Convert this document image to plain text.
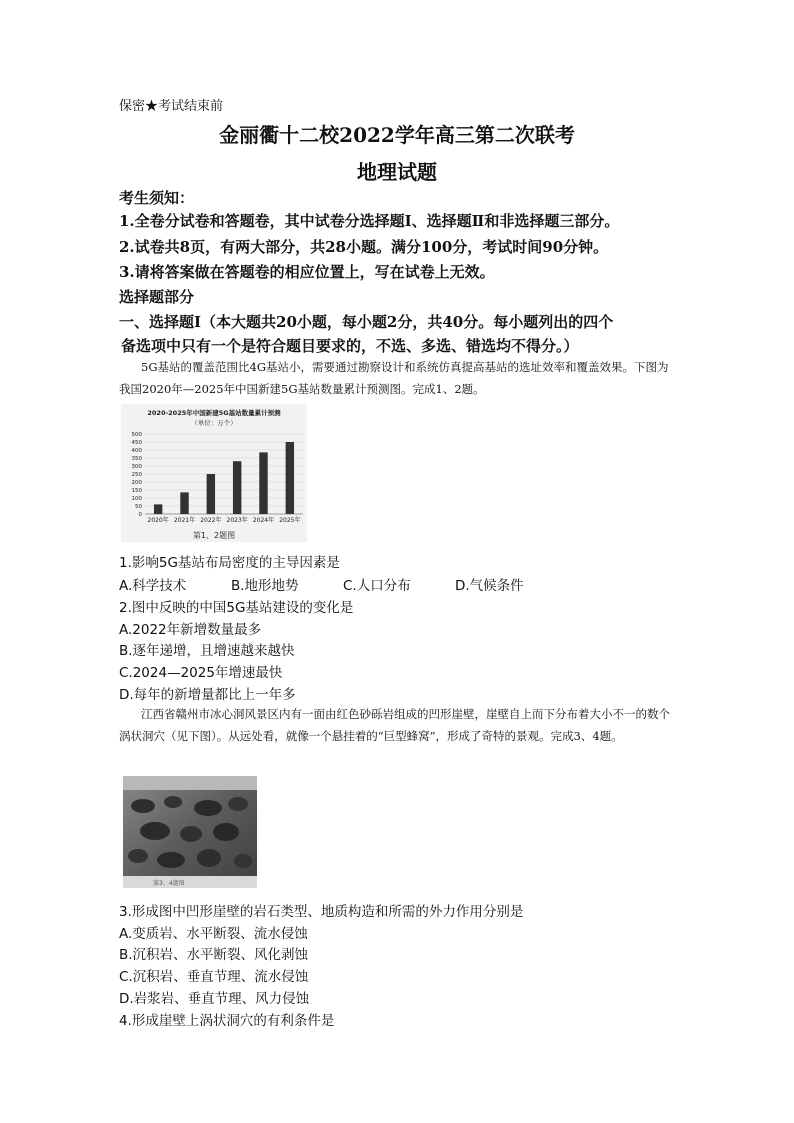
保密★考试结束前
金丽衢十二校2022学年高三第二次联考
地理试题
考生须知：
1.全卷分试卷和答题卷，其中试卷分选择题Ⅰ、选择题Ⅱ和非选择题三部分。
2.试卷共8页，有两大部分，共28小题。满分100分，考试时间90分钟。
3.请将答案做在答题卷的相应位置上，写在试卷上无效。
选择题部分
一、选择题Ⅰ（本大题共20小题，每小题2分，共40分。每小题列出的四个
备选项中只有一个是符合题目要求的，不选、多选、错选均不得分。）
5G基站的覆盖范围比4G基站小，需要通过勘察设计和系统仿真提高基站的选址效率和覆盖效果。下图为我国2020年—2025年中国新建5G基站数量累计预测图。完成1、2题。
2020-2025年中国新建5G基站数量累计预测
（单位：万个）
0
50
100
150
200
250
300
350
400
450
500
2020年 2021年 2022年 2023年 2024年 2025年
第1、2题图
1.影响5G基站布局密度的主导因素是
A.科学技术	B.地形地势	C.人口分布	D.气候条件
2.图中反映的中国5G基站建设的变化是
A.2022年新增数量最多
B.逐年递增，且增速越来越快
C.2024—2025年增速最快
D.每年的新增量都比上一年多
江西省赣州市冰心洞风景区内有一面由红色砂砾岩组成的凹形崖壁，崖壁自上而下分布着大小不一的数个涡状洞穴（见下图）。从远处看，就像一个悬挂着的“巨型蜂窝”，形成了奇特的景观。完成3、4题。
第3、4题图
3.形成图中凹形崖壁的岩石类型、地质构造和所需的外力作用分别是
A.变质岩、水平断裂、流水侵蚀
B.沉积岩、水平断裂、风化剥蚀
C.沉积岩、垂直节理、流水侵蚀
D.岩浆岩、垂直节理、风力侵蚀
4.形成崖壁上涡状洞穴的有利条件是
